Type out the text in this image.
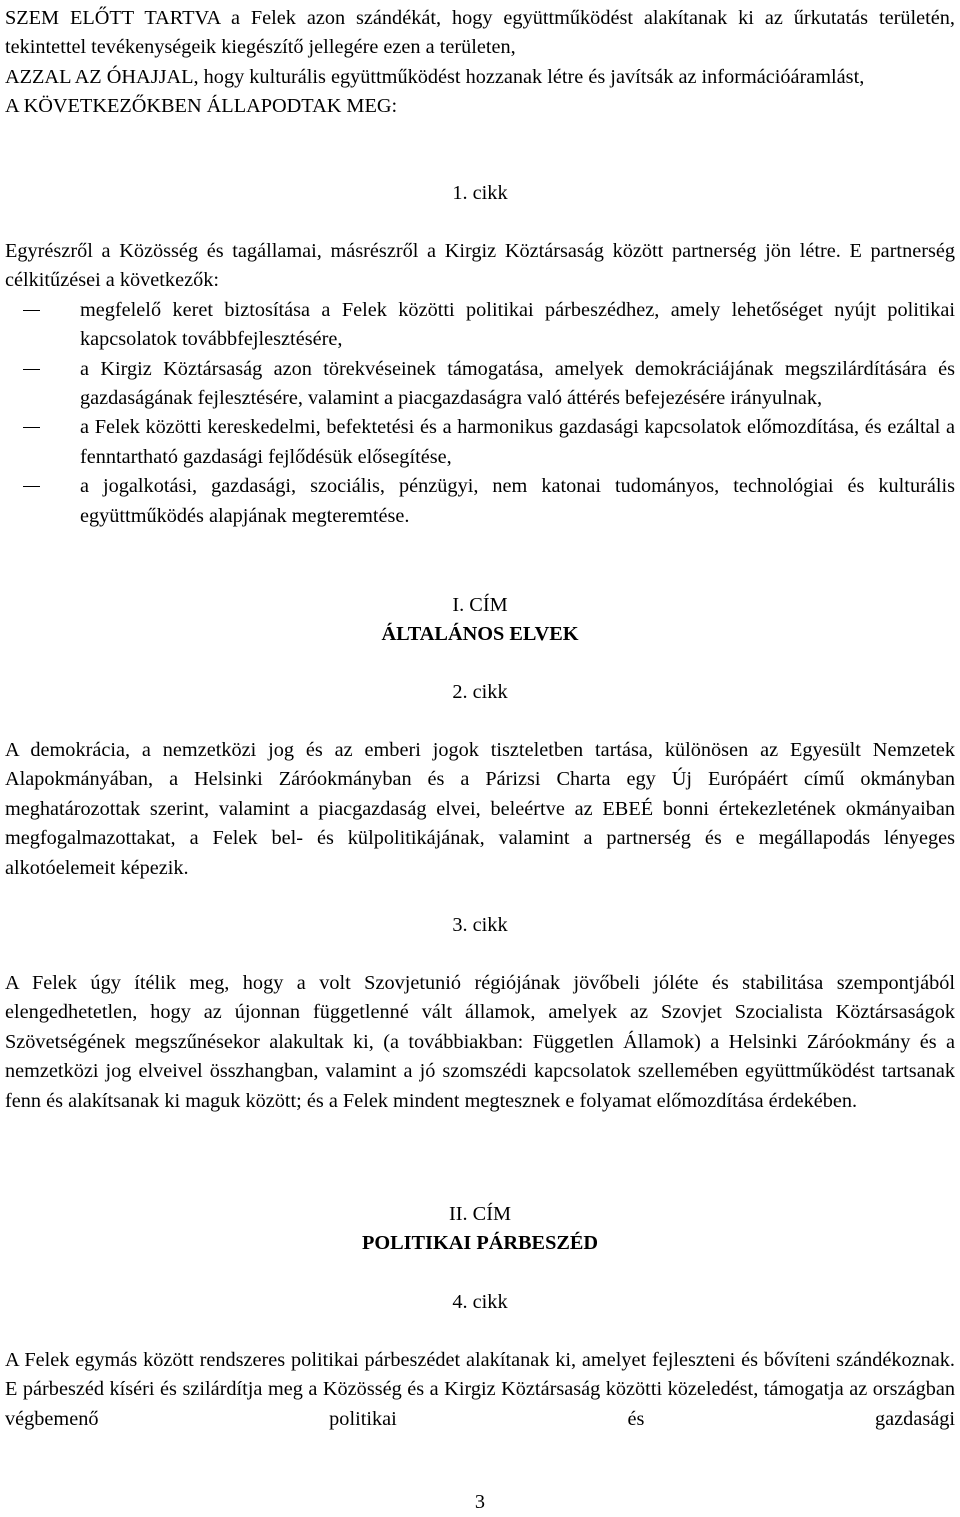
SZEM ELŐTT TARTVA a Felek azon szándékát, hogy együttműködést alakítanak ki az űrkutatás területén, tekintettel tevékenységeik kiegészítő jellegére ezen a területen,
AZZAL AZ ÓHAJJAL, hogy kulturális együttműködést hozzanak létre és javítsák az információáramlást,
A KÖVETKEZŐKBEN ÁLLAPODTAK MEG:
1. cikk
Egyrészről a Közösség és tagállamai, másrészről a Kirgiz Köztársaság között partnerség jön létre. E partnerség célkitűzései a következők:
megfelelő keret biztosítása a Felek közötti politikai párbeszédhez, amely lehetőséget nyújt politikai kapcsolatok továbbfejlesztésére,
a Kirgiz Köztársaság azon törekvéseinek támogatása, amelyek demokráciájának megszilárdítására és gazdaságának fejlesztésére, valamint a piacgazdaságra való áttérés befejezésére irányulnak,
a Felek közötti kereskedelmi, befektetési és a harmonikus gazdasági kapcsolatok előmozdítása, és ezáltal a fenntartható gazdasági fejlődésük elősegítése,
a jogalkotási, gazdasági, szociális, pénzügyi, nem katonai tudományos, technológiai és kulturális együttműködés alapjának megteremtése.
I. CÍM
ÁLTALÁNOS ELVEK
2. cikk
A demokrácia, a nemzetközi jog és az emberi jogok tiszteletben tartása, különösen az Egyesült Nemzetek Alapokmányában, a Helsinki Záróokmányban és a Párizsi Charta egy Új Európáért című okmányban meghatározottak szerint, valamint a piacgazdaság elvei, beleértve az EBEÉ bonni értekezletének okmányaiban megfogalmazottakat, a Felek bel- és külpolitikájának, valamint a partnerség és e megállapodás lényeges alkotóelemeit képezik.
3. cikk
A Felek úgy ítélik meg, hogy a volt Szovjetunió régiójának jövőbeli jóléte és stabilitása szempontjából elengedhetetlen, hogy az újonnan függetlenné vált államok, amelyek az Szovjet Szocialista Köztársaságok Szövetségének megszűnésekor alakultak ki, (a továbbiakban: Független Államok) a Helsinki Záróokmány és a nemzetközi jog elveivel összhangban, valamint a jó szomszédi kapcsolatok szellemében együttműködést tartsanak fenn és alakítsanak ki maguk között; és a Felek mindent megtesznek e folyamat előmozdítása érdekében.
II. CÍM
POLITIKAI PÁRBESZÉD
4. cikk
A Felek egymás között rendszeres politikai párbeszédet alakítanak ki, amelyet fejleszteni és bővíteni szándékoznak. E párbeszéd kíséri és szilárdítja meg a Közösség és a Kirgiz Köztársaság közötti közeledést, támogatja az országban végbemenő politikai és gazdasági
3
